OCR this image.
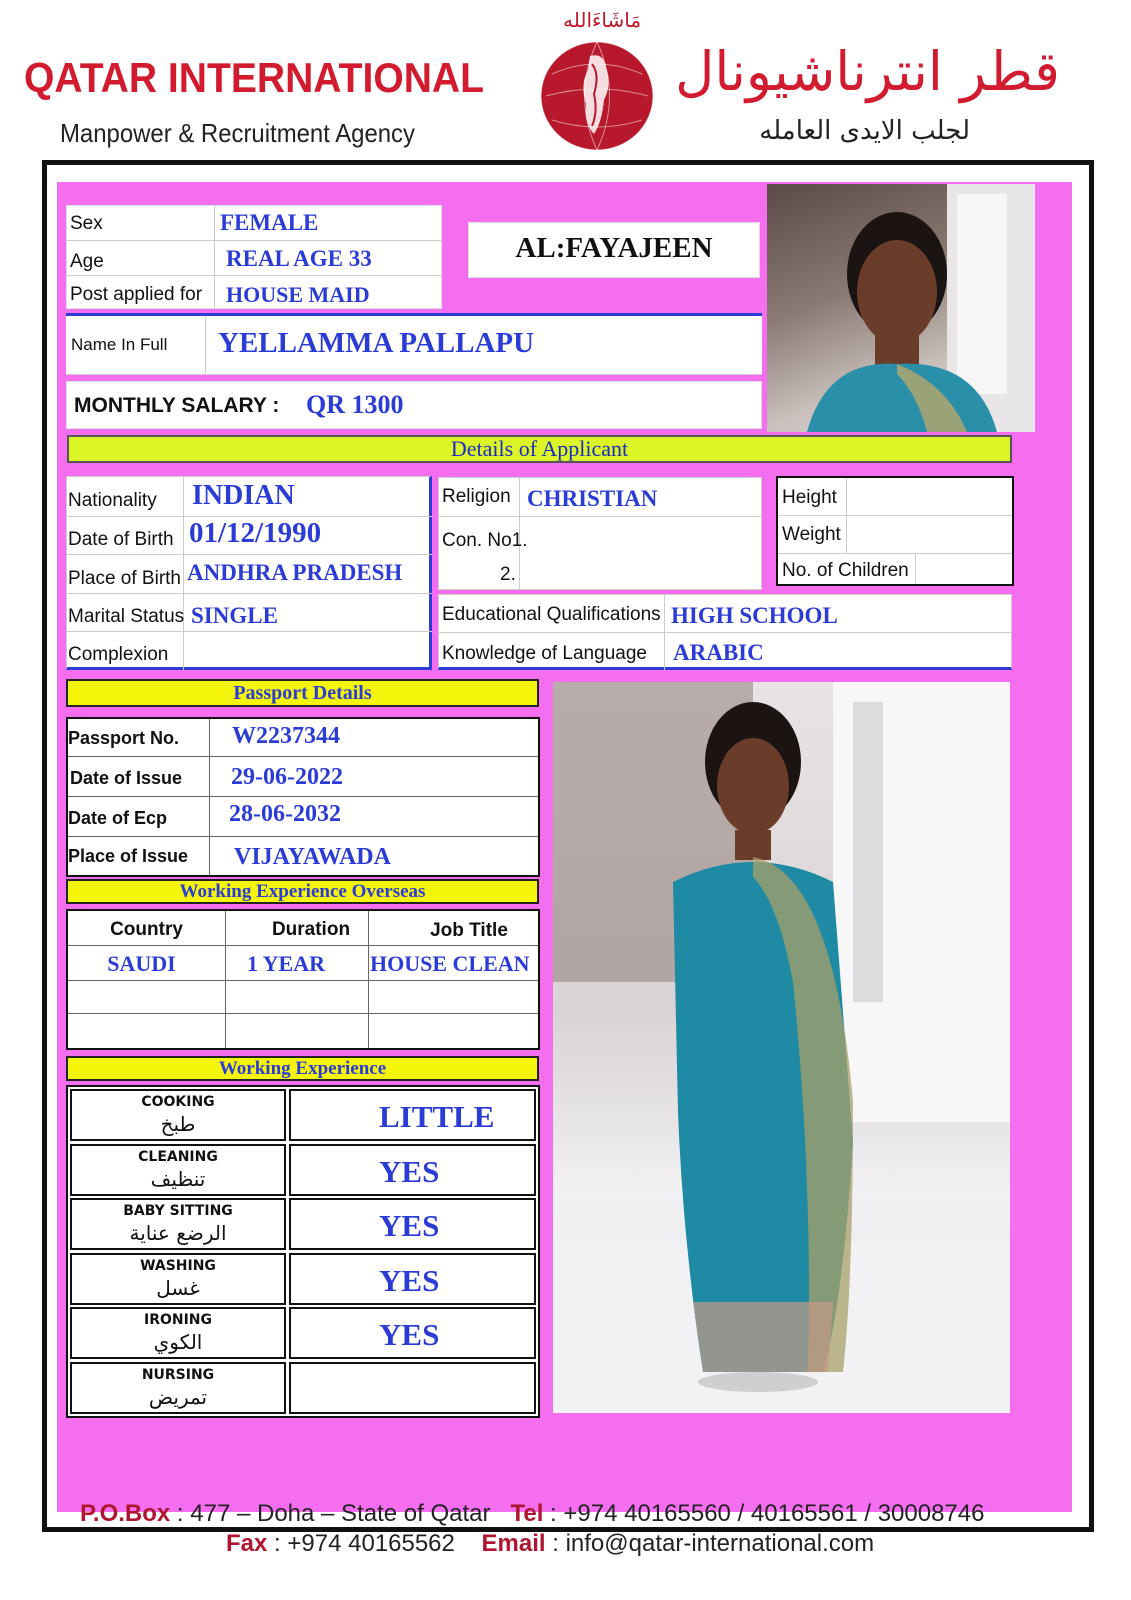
QATAR INTERNATIONAL
Manpower & Recruitment Agency
مَاشَاءَالله
قطر انترناشيونال
لجلب الايدى العامله
Sex	FEMALE
Age	REAL AGE 33
Post applied for HOUSE MAID
AL:FAYAJEEN
Name In Full YELLAMMA PALLAPU
MONTHLY SALARY : QR 1300
Details of Applicant
Nationality INDIAN
Date of Birth 01/12/1990
Place of Birth ANDHRA PRADESH
Marital Status SINGLE
Complexion
Religion CHRISTIAN
Con. No1.
2.
Height
Weight
No. of Children
Educational Qualifications HIGH SCHOOL
Knowledge of Language ARABIC
Passport Details
Passport No. W2237344
Date of Issue 29-06-2022
Date of Ecp	28-06-2032
Place of Issue VIJAYAWADA
Working Experience Overseas
Country	Duration	Job Title
SAUDI	1 YEAR	HOUSE CLEAN
Working Experience
COOKING
طبخ	LITTLE
CLEANING
تنظيف	YES
BABY SITTING
الرضع عناية	YES
WASHING
غسل	YES
IRONING
الكوي	YES
NURSING
تمريض
P.O.Box : 477 – Doha – State of Qatar Tel : +974 40165560 / 40165561 / 30008746
Fax : +974 40165562 Email : info@qatar-international.com
